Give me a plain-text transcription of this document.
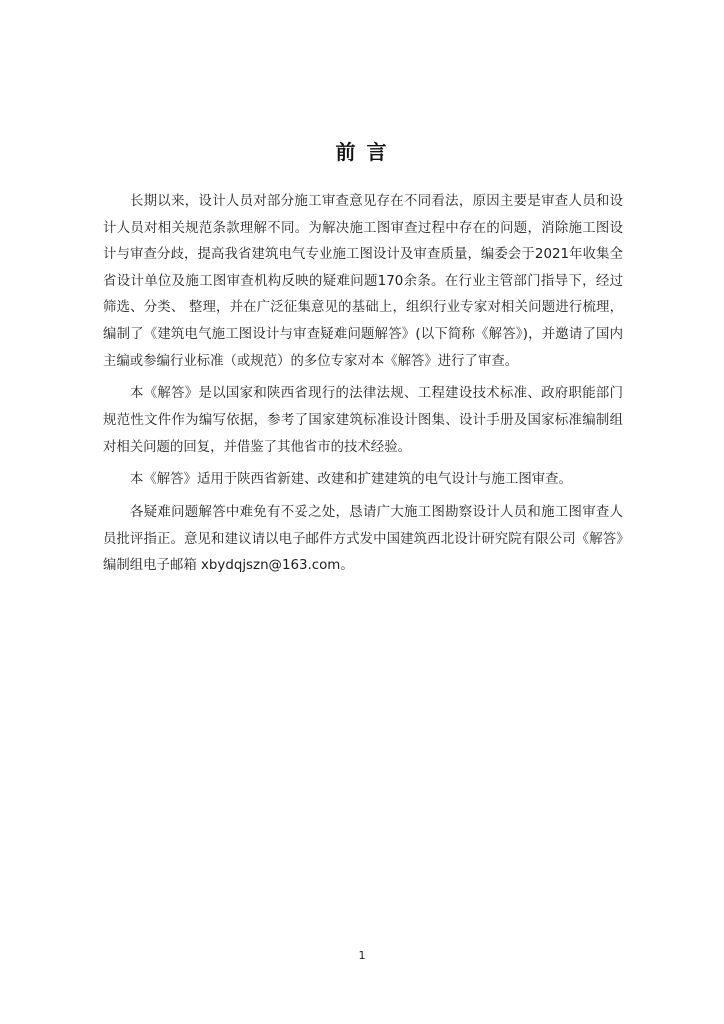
前 言

长期以来，设计人员对部分施工审查意见存在不同看法，原因主要是审查人员和设计人员对相关规范条款理解不同。为解决施工图审查过程中存在的问题，消除施工图设计与审查分歧，提高我省建筑电气专业施工图设计及审查质量，编委会于2021年收集全省设计单位及施工图审查机构反映的疑难问题170余条。在行业主管部门指导下，经过筛选、分类、 整理，并在广泛征集意见的基础上，组织行业专家对相关问题进行梳理，编制了《建筑电气施工图设计与审查疑难问题解答》(以下简称《解答》)，并邀请了国内主编或参编行业标准（或规范）的多位专家对本《解答》进行了审查。

本《解答》是以国家和陕西省现行的法律法规、工程建设技术标准、政府职能部门规范性文件作为编写依据，参考了国家建筑标准设计图集、设计手册及国家标准编制组对相关问题的回复，并借鉴了其他省市的技术经验。

本《解答》适用于陕西省新建、改建和扩建建筑的电气设计与施工图审查。

各疑难问题解答中难免有不妥之处，恳请广大施工图勘察设计人员和施工图审查人员批评指正。意见和建议请以电子邮件方式发中国建筑西北设计研究院有限公司《解答》编制组电子邮箱 xbydqjszn@163.com。

1
